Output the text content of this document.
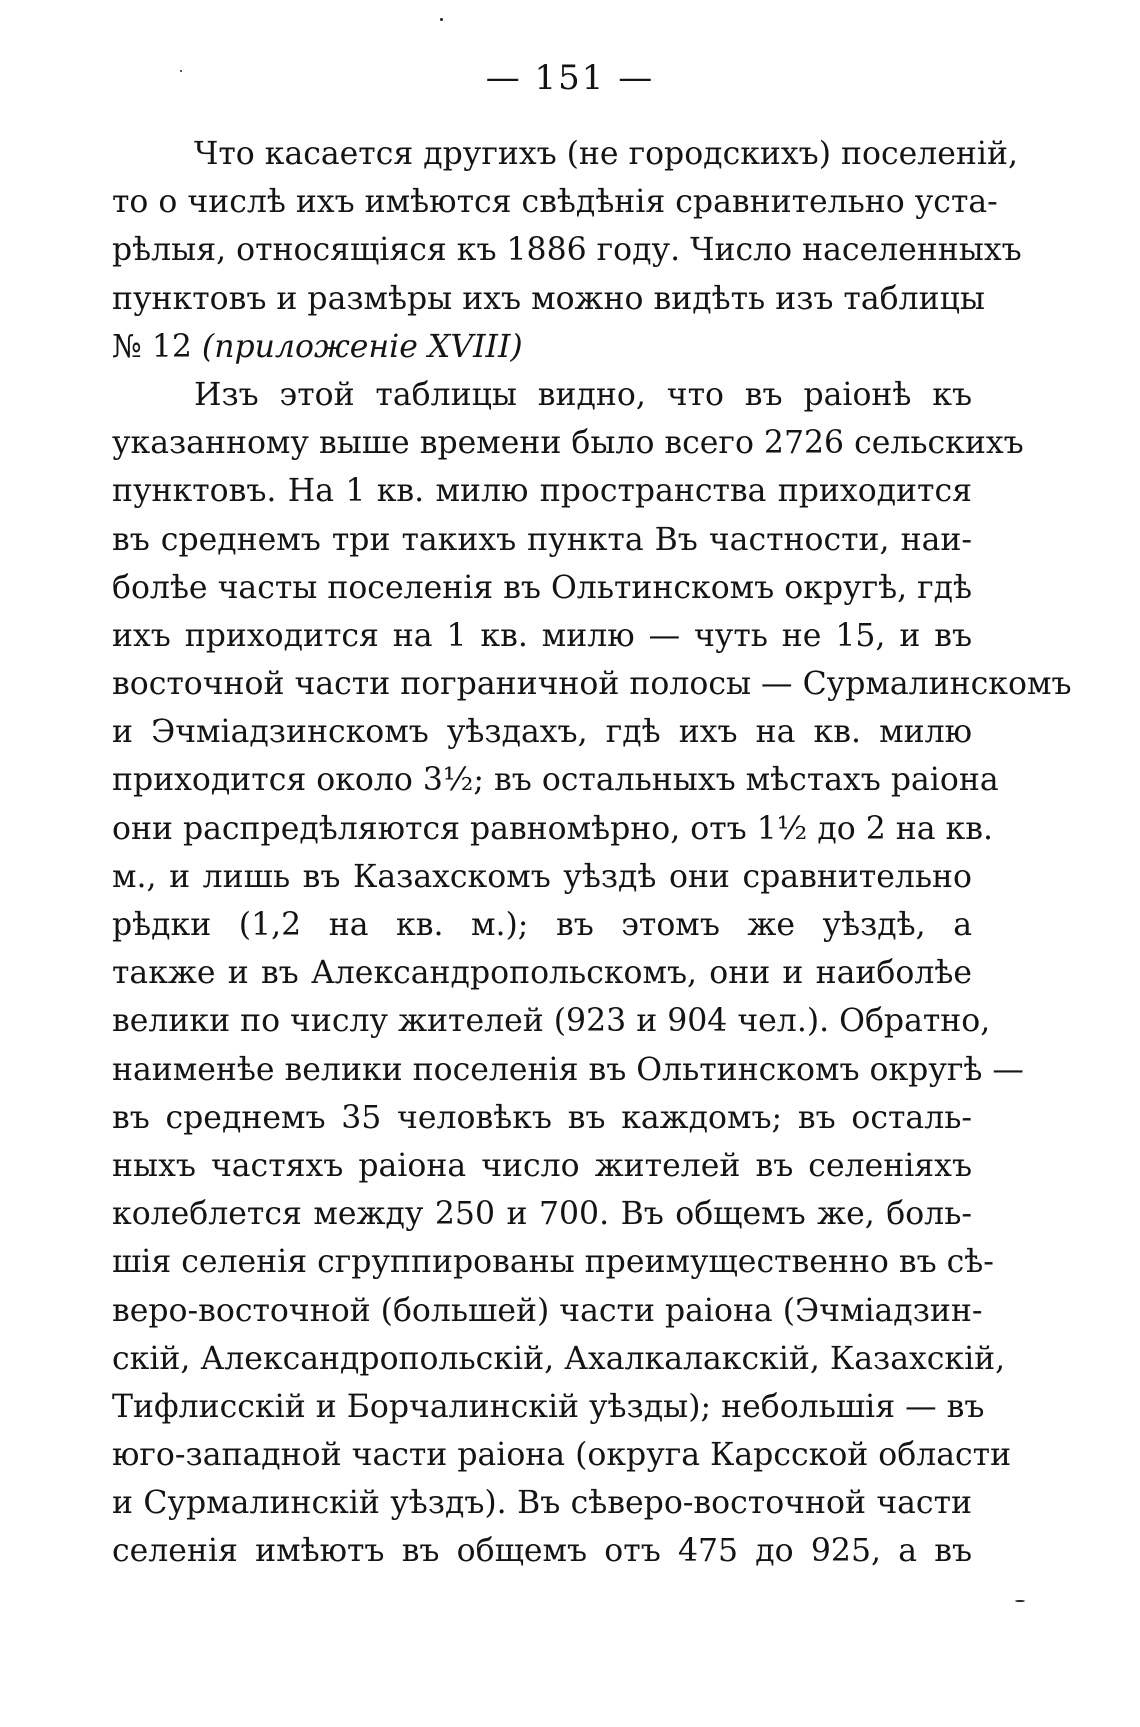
— 151 —
Что касается другихъ (не городскихъ) поселеній,
то о числѣ ихъ имѣются свѣдѣнія сравнительно уста-
рѣлыя, относящіяся къ 1886 году. Число населенныхъ
пунктовъ и размѣры ихъ можно видѣть изъ таблицы
№ 12 (приложеніе XVIII)
Изъ этой таблицы видно, что въ раіонѣ къ
указанному выше времени было всего 2726 сельскихъ
пунктовъ. На 1 кв. милю пространства приходится
въ среднемъ три такихъ пункта Въ частности, наи-
болѣе часты поселенія въ Ольтинскомъ округѣ, гдѣ
ихъ приходится на 1 кв. милю — чуть не 15, и въ
восточной части пограничной полосы — Сурмалинскомъ
и Эчміадзинскомъ уѣздахъ, гдѣ ихъ на кв. милю
приходится около 3½; въ остальныхъ мѣстахъ раіона
они распредѣляются равномѣрно, отъ 1½ до 2 на кв.
м., и лишь въ Казахскомъ уѣздѣ они сравнительно
рѣдки (1,2 на кв. м.); въ этомъ же уѣздѣ, а
также и въ Александропольскомъ, они и наиболѣе
велики по числу жителей (923 и 904 чел.). Обратно,
наименѣе велики поселенія въ Ольтинскомъ округѣ —
въ среднемъ 35 человѣкъ въ каждомъ; въ осталь-
ныхъ частяхъ раіона число жителей въ селеніяхъ
колеблется между 250 и 700. Въ общемъ же, боль-
шія селенія сгруппированы преимущественно въ сѣ-
веро-восточной (большей) части раіона (Эчміадзин-
скій, Александропольскій, Ахалкалакскій, Казахскій,
Тифлисскій и Борчалинскій уѣзды); небольшія — въ
юго-западной части раіона (округа Карсской области
и Сурмалинскій уѣздъ). Въ сѣверо-восточной части
селенія имѣютъ въ общемъ отъ 475 до 925, а въ
